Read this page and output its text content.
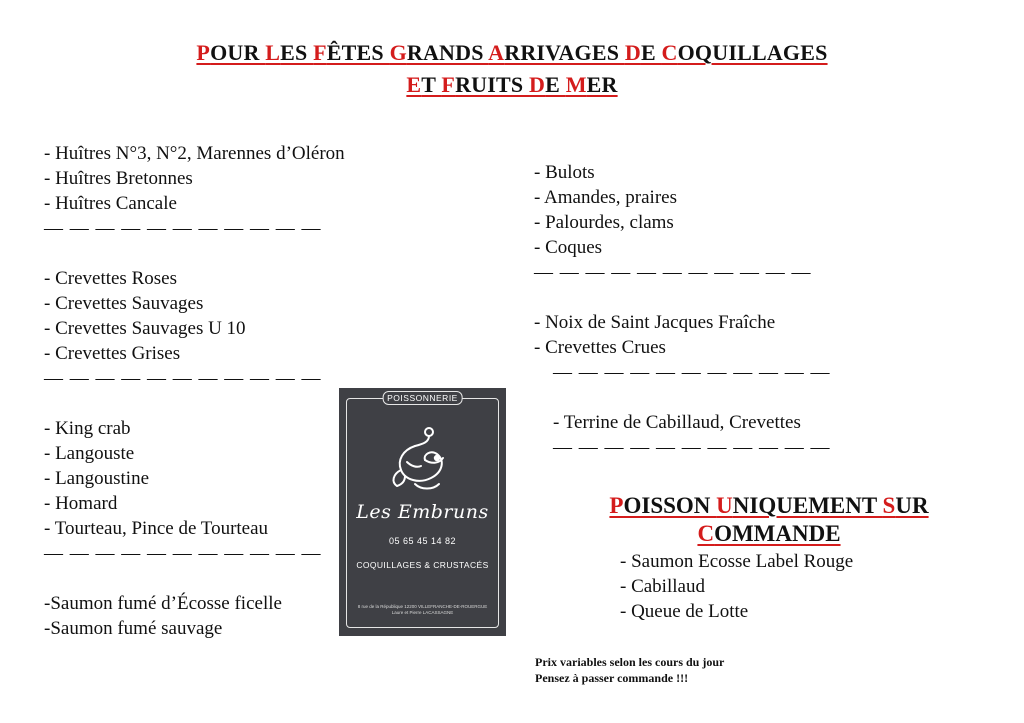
POUR LES FÊTES GRANDS ARRIVAGES DE COQUILLAGES
ET FRUITS DE MER
- Huîtres N°3, N°2, Marennes d’Oléron
- Huîtres Bretonnes
- Huîtres Cancale
— — — — — — — — — — —
- Crevettes Roses
- Crevettes Sauvages
- Crevettes Sauvages U 10
- Crevettes Grises
— — — — — — — — — — —
- King crab
- Langouste
- Langoustine
- Homard
- Tourteau, Pince de Tourteau
— — — — — — — — — — —
-Saumon fumé d’Écosse ficelle
-Saumon fumé sauvage
- Bulots
- Amandes, praires
- Palourdes, clams
- Coques
— — — — — — — — — — —
- Noix de Saint Jacques Fraîche
- Crevettes Crues
— — — — — — — — — — —
- Terrine de Cabillaud, Crevettes
— — — — — — — — — — —
POISSON UNIQUEMENT SUR
COMMANDE
- Saumon Ecosse Label Rouge
- Cabillaud
- Queue de Lotte
Prix variables selon les cours du jour
Pensez à passer commande !!!
POISSONNERIE
Les Embruns
05 65 45 14 82
COQUILLAGES & CRUSTACÉS
8 rue de la République 12200 VILLEFRANCHE-DE-ROUERGUE
Laure et Pierre LACASSAGNE
